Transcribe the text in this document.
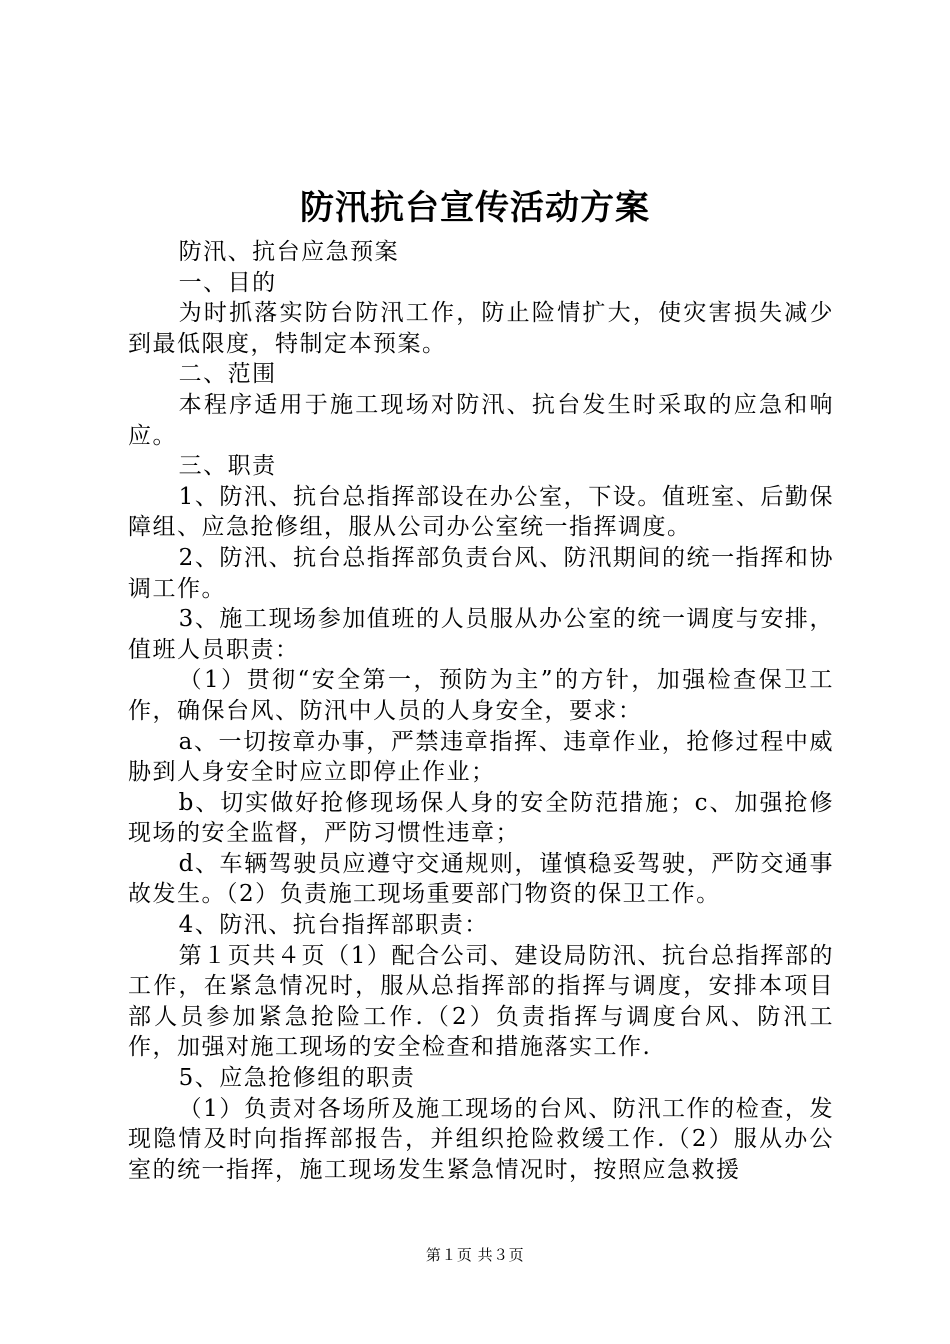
防汛抗台宣传活动方案

防汛、抗台应急预案

一、目的

为时抓落实防台防汛工作，防止险情扩大，使灾害损失减少到最低限度，特制定本预案。

二、范围

本程序适用于施工现场对防汛、抗台发生时采取的应急和响应。

三、职责

1、防汛、抗台总指挥部设在办公室，下设。值班室、后勤保障组、应急抢修组，服从公司办公室统一指挥调度。

2、防汛、抗台总指挥部负责台风、防汛期间的统一指挥和协调工作。

3、施工现场参加值班的人员服从办公室的统一调度与安排，值班人员职责：

（1）贯彻“安全第一，预防为主”的方针，加强检查保卫工作，确保台风、防汛中人员的人身安全，要求：

a、一切按章办事，严禁违章指挥、违章作业，抢修过程中威胁到人身安全时应立即停止作业；

b、切实做好抢修现场保人身的安全防范措施；c、加强抢修现场的安全监督，严防习惯性违章；

d、车辆驾驶员应遵守交通规则，谨慎稳妥驾驶，严防交通事故发生。（2）负责施工现场重要部门物资的保卫工作。

4、防汛、抗台指挥部职责：

第１页共４页（1）配合公司、建设局防汛、抗台总指挥部的工作，在紧急情况时，服从总指挥部的指挥与调度，安排本项目部人员参加紧急抢险工作.（2）负责指挥与调度台风、防汛工作，加强对施工现场的安全检查和措施落实工作.

5、应急抢修组的职责

（1）负责对各场所及施工现场的台风、防汛工作的检查，发现隐情及时向指挥部报告，并组织抢险救缓工作.（2）服从办公室的统一指挥，施工现场发生紧急情况时，按照应急救援

第１页 共３页
